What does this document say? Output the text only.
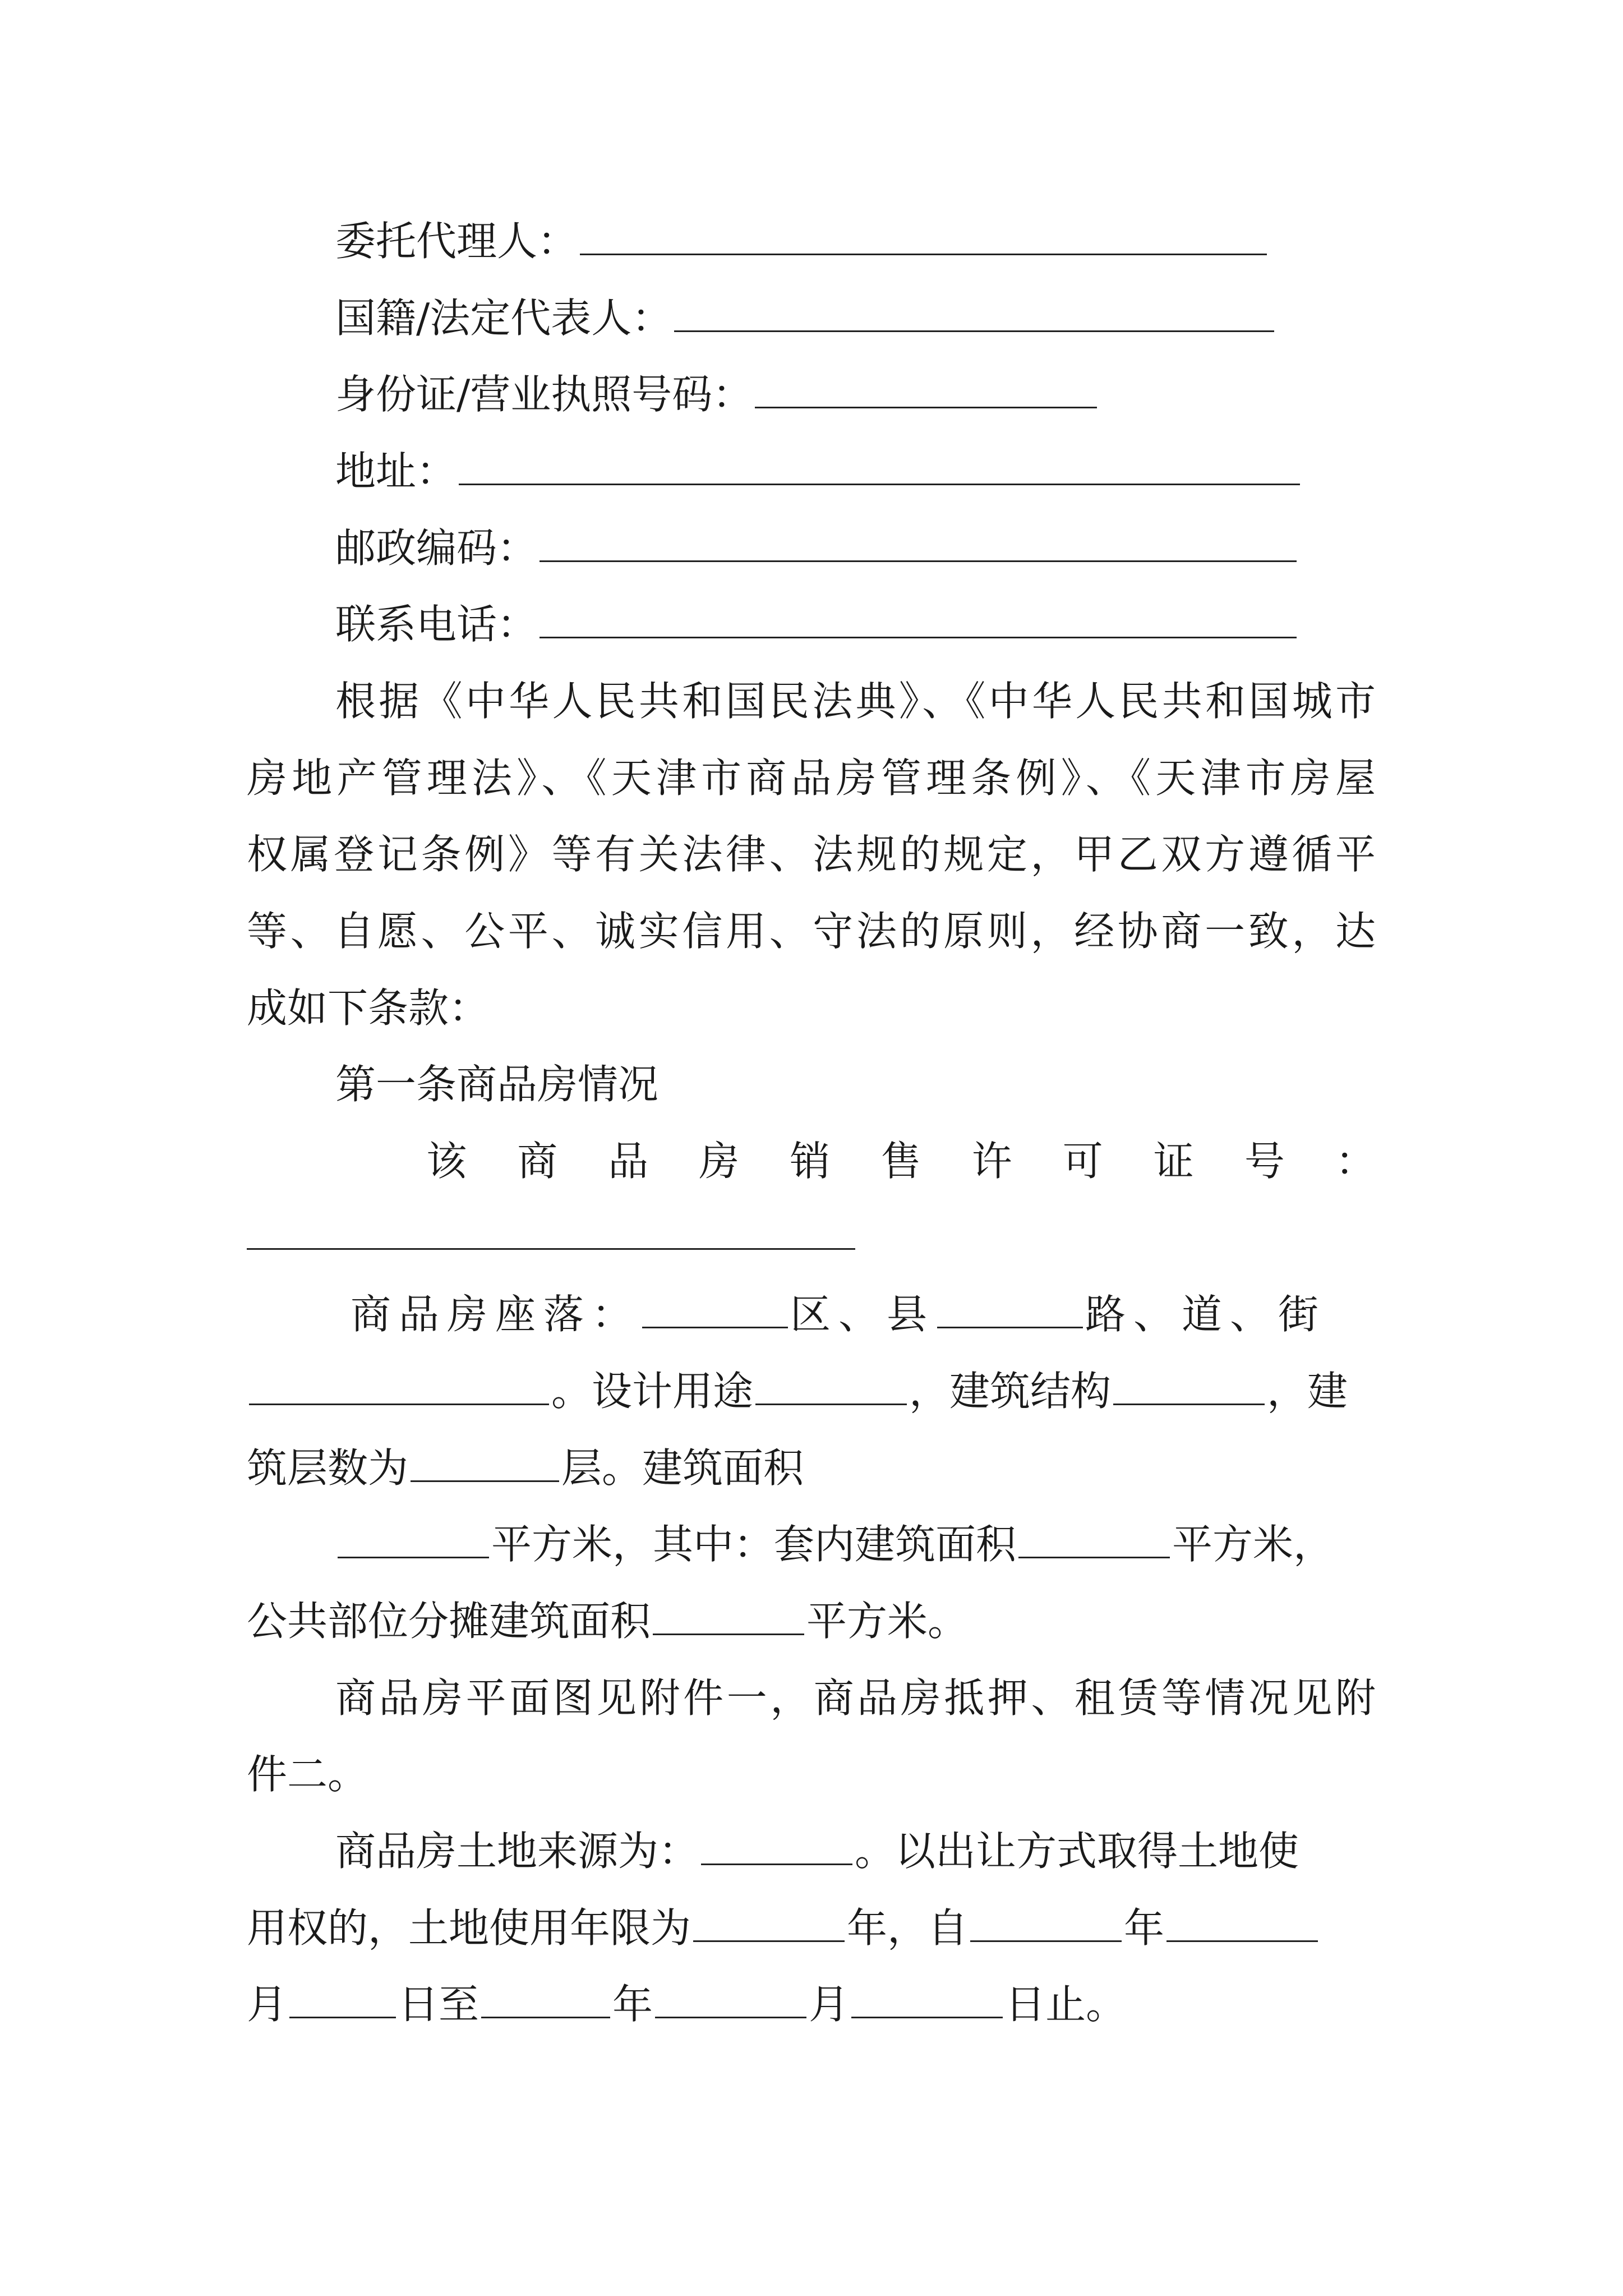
委托代理人：
国籍/法定代表人：
身份证/营业执照号码：
地址：
邮政编码：
联系电话：
根据《中华人民共和国民法典》、《中华人民共和国城市
房地产管理法》、《天津市商品房管理条例》、《天津市房屋
权属登记条例》等有关法律、法规的规定，甲乙双方遵循平
等、自愿、公平、诚实信用、守法的原则，经协商一致，达
成如下条款：
第一条商品房情况
该商品房销售许可证号：
商品房座落：	区、县	路、道、街
。设计用途	，建筑结构	，建
筑层数为	层。建筑面积
平方米，其中：套内建筑面积	平方米，
公共部位分摊建筑面积	平方米。
商品房平面图见附件一，商品房抵押、租赁等情况见附
件二。
商品房土地来源为：	。以出让方式取得土地使
用权的，土地使用年限为	年，自	年
月	日至	年	月	日止。
